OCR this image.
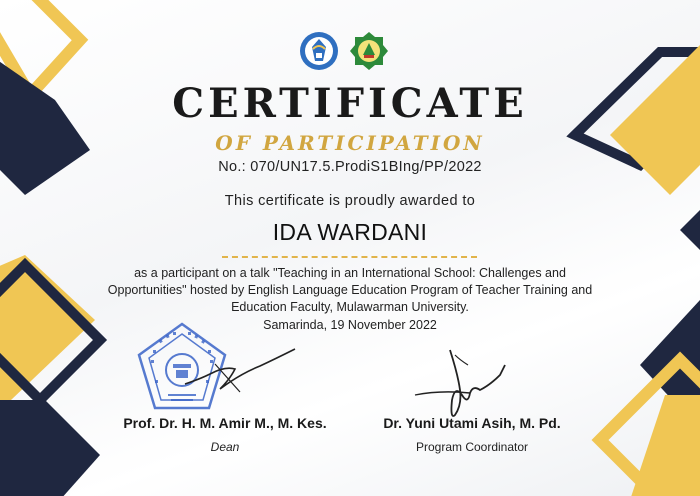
CERTIFICATE
OF PARTICIPATION
No.: 070/UN17.5.ProdiS1BIng/PP/2022
This certificate is proudly awarded to
IDA WARDANI
as a participant on a talk "Teaching in an International School: Challenges and Opportunities" hosted by English Language Education Program of Teacher Training and Education Faculty, Mulawarman University.
Samarinda, 19 November 2022
Prof. Dr. H. M. Amir M., M. Kes.
Dean
Dr. Yuni Utami Asih, M. Pd.
Program Coordinator
